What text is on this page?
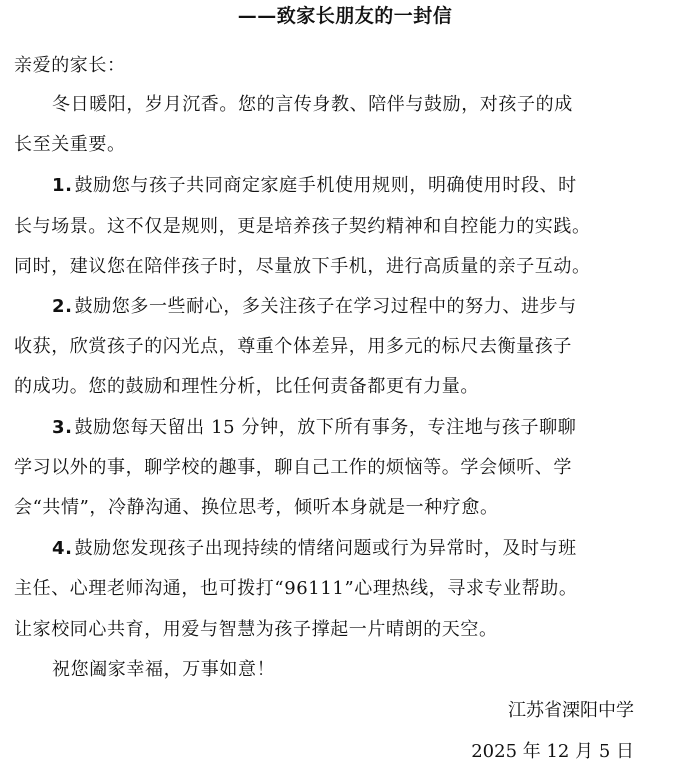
——致家长朋友的一封信
亲爱的家长：
冬日暖阳，岁月沉香。您的言传身教、陪伴与鼓励，对孩子的成
长至关重要。
1. 鼓励您与孩子共同商定家庭手机使用规则，明确使用时段、时
长与场景。这不仅是规则，更是培养孩子契约精神和自控能力的实践。
同时，建议您在陪伴孩子时，尽量放下手机，进行高质量的亲子互动。
2. 鼓励您多一些耐心，多关注孩子在学习过程中的努力、进步与
收获，欣赏孩子的闪光点，尊重个体差异，用多元的标尺去衡量孩子
的成功。您的鼓励和理性分析，比任何责备都更有力量。
3. 鼓励您每天留出 15 分钟，放下所有事务，专注地与孩子聊聊
学习以外的事，聊学校的趣事，聊自己工作的烦恼等。学会倾听、学
会“共情”，冷静沟通、换位思考，倾听本身就是一种疗愈。
4. 鼓励您发现孩子出现持续的情绪问题或行为异常时，及时与班
主任、心理老师沟通，也可拨打“96111”心理热线，寻求专业帮助。
让家校同心共育，用爱与智慧为孩子撑起一片晴朗的天空。
祝您阖家幸福，万事如意！
江苏省溧阳中学
2025 年 12 月 5 日
